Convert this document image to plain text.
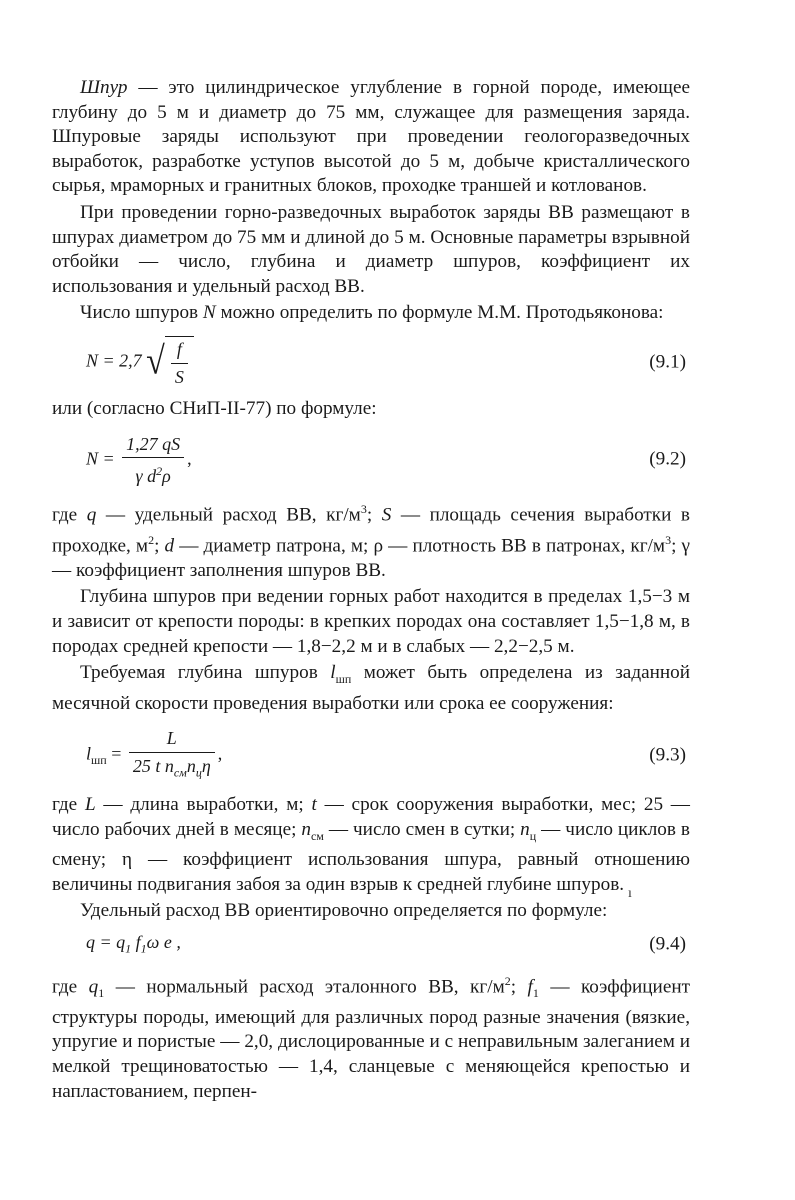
Шпур — это цилиндрическое углубление в горной породе, имеющее глубину до 5 м и диаметр до 75 мм, служащее для размещения заряда. Шпуровые заряды используют при проведении геологоразведочных выработок, разработке уступов высотой до 5 м, добыче кристаллического сырья, мраморных и гранитных блоков, проходке траншей и котлованов.

При проведении горно-разведочных выработок заряды ВВ размещают в шпурах диаметром до 75 мм и длиной до 5 м. Основные параметры взрывной отбойки — число, глубина и диаметр шпуров, коэффициент их использования и удельный расход ВВ.

Число шпуров N можно определить по формуле М.М. Протодьяконова:

N = 2,7 √ $\frac{f}{S}$	(9.1)

или (согласно СНиП-II-77) по формуле:

$N = \frac{1,27 qS}{\gamma d^2\rho}$ ,	(9.2)

где q — удельный расход ВВ, $кг/м^3$; S — площадь сечения выработки в проходке, $м^2$; d — диаметр патрона, м; ρ — плотность ВВ в патронах, $кг/м^3$; γ — коэффициент заполнения шпуров ВВ.

Глубина шпуров при ведении горных работ находится в пределах 1,5−3 м и зависит от крепости породы: в крепких породах она составляет 1,5−1,8 м, в породах средней крепости — 1,8−2,2 м и в слабых — 2,2−2,5 м.

Требуемая глубина шпуров $l_{шп}$ может быть определена из заданной месячной скорости проведения выработки или срока ее сооружения:

$l_{шп} = \frac{L}{25 t n_{см}n_ц\eta}$ ,	(9.3)

где L — длина выработки, м; t — срок сооружения выработки, мес; 25 — число рабочих дней в месяце; $n_{см}$ — число смен в сутки; $n_ц$ — число циклов в смену; η — коэффициент использования шпура, равный отношению величины подвигания забоя за один взрыв к средней глубине шпуров.

Удельный расход ВВ ориентировочно определяется по формуле:

$q = q_1$ $f_1\omega$ e ,	(9.4)

где $q_1$ — нормальный расход эталонного ВВ, $кг/м^2$; $f_1$ — коэффициент структуры породы, имеющий для различных пород разные значения (вязкие, упругие и пористые — 2,0, дислоцированные и с неправильным залеганием и мелкой трещиноватостью — 1,4, сланцевые с меняющейся крепостью и напластованием, перпен-

ı
